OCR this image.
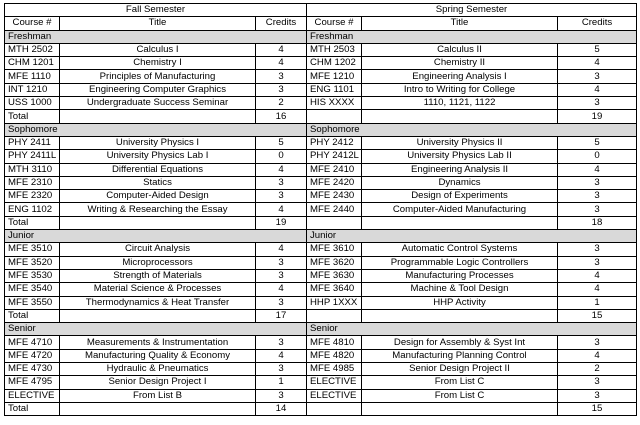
Fall Semester			Spring Semester		
Course #	Title	Credits	Course #	Title	Credits
Freshman			Freshman		
MTH 2502	Calculus I	4	MTH 2503	Calculus II	5
CHM 1201	Chemistry I	4	CHM 1202	Chemistry II	4
MFE 1110	Principles of Manufacturing	3	MFE 1210	Engineering Analysis I	3
INT 1210	Engineering Computer Graphics	3	ENG 1101	Intro to Writing for College	4
USS 1000	Undergraduate Success Seminar	2	HIS XXXX	1110, 1121, 1122	3
Total		16			19
Sophomore			Sophomore		
PHY 2411	University Physics I	5	PHY 2412	University Physics II	5
PHY 2411L	University Physics Lab I	0	PHY 2412L	University Physics Lab II	0
MTH 3110	Differential Equations	4	MFE 2410	Engineering Analysis II	4
MFE 2310	Statics	3	MFE 2420	Dynamics	3
MFE 2320	Computer-Aided Design	3	MFE 2430	Design of Experiments	3
ENG 1102	Writing & Researching the Essay	4	MFE 2440	Computer-Aided Manufacturing	3
Total		19			18
Junior			Junior		
MFE 3510	Circuit Analysis	4	MFE 3610	Automatic Control Systems	3
MFE 3520	Microprocessors	3	MFE 3620	Programmable Logic Controllers	3
MFE 3530	Strength of Materials	3	MFE 3630	Manufacturing Processes	4
MFE 3540	Material Science & Processes	4	MFE 3640	Machine & Tool Design	4
MFE 3550	Thermodynamics & Heat Transfer	3	HHP 1XXX	HHP Activity	1
Total		17			15
Senior			Senior		
MFE 4710	Measurements & Instrumentation	3	MFE 4810	Design for Assembly & Syst Int	3
MFE 4720	Manufacturing Quality & Economy	4	MFE 4820	Manufacturing Planning Control	4
MFE 4730	Hydraulic & Pneumatics	3	MFE 4985	Senior Design Project II	2
MFE 4795	Senior Design Project I	1	ELECTIVE	From List C	3
ELECTIVE	From List B	3	ELECTIVE	From List C	3
Total		14			15
